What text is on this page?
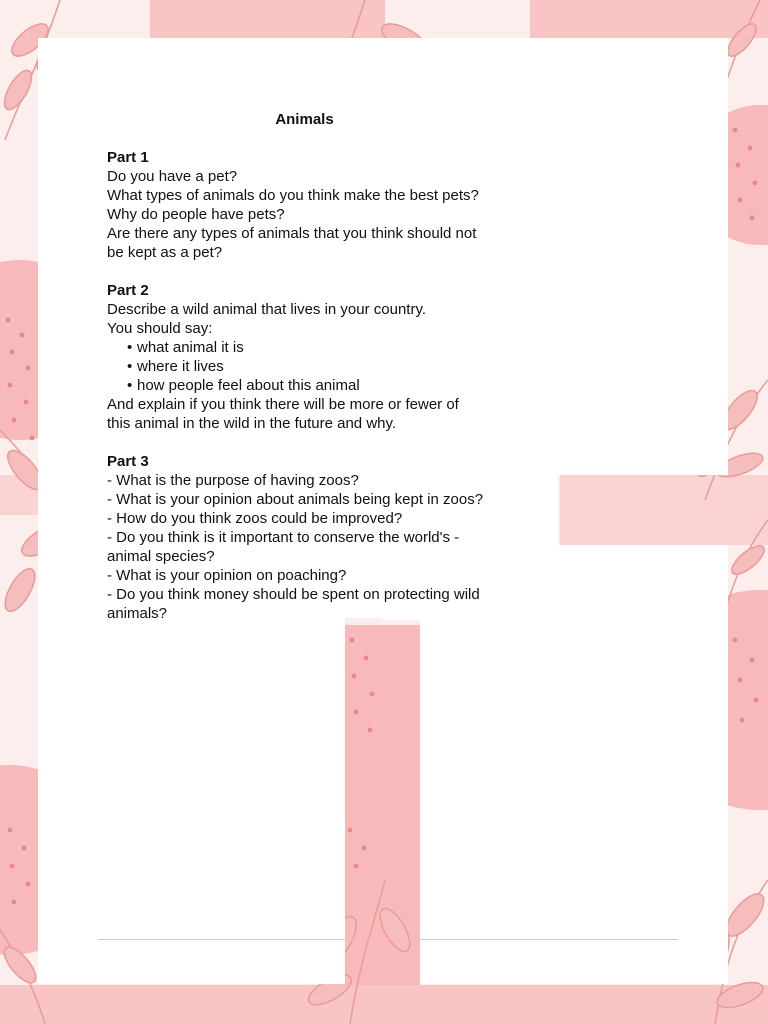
Animals

Part 1

Do you have a pet?

What types of animals do you think make the best pets?

Why do people have pets?

Are there any types of animals that you think should not

be kept as a pet?

Part 2

Describe a wild animal that lives in your country.

You should say:

• what animal it is
• where it lives
• how people feel about this animal

And explain if you think there will be more or fewer of

this animal in the wild in the future and why.

Part 3

- What is the purpose of having zoos?

- What is your opinion about animals being kept in zoos?

- How do you think zoos could be improved?

- Do you think is it important to conserve the world's -

animal species?

- What is your opinion on poaching?

- Do you think money should be spent on protecting wild

animals?
